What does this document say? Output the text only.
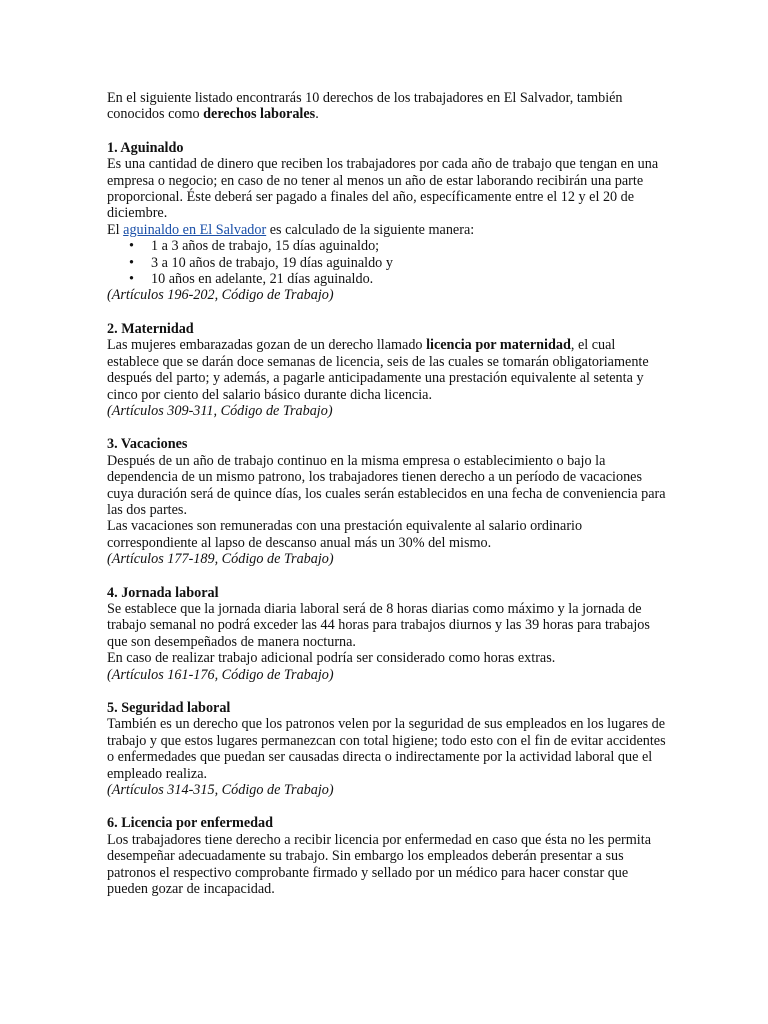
En el siguiente listado encontrarás 10 derechos de los trabajadores en El Salvador, también conocidos como derechos laborales.

1. Aguinaldo

Es una cantidad de dinero que reciben los trabajadores por cada año de trabajo que tengan en una empresa o negocio; en caso de no tener al menos un año de estar laborando recibirán una parte proporcional. Éste deberá ser pagado a finales del año, específicamente entre el 12 y el 20 de diciembre.

El aguinaldo en El Salvador es calculado de la siguiente manera:

• 1 a 3 años de trabajo, 15 días aguinaldo;
• 3 a 10 años de trabajo, 19 días aguinaldo y
• 10 años en adelante, 21 días aguinaldo.

(Artículos 196-202, Código de Trabajo)

2. Maternidad

Las mujeres embarazadas gozan de un derecho llamado licencia por maternidad, el cual establece que se darán doce semanas de licencia, seis de las cuales se tomarán obligatoriamente después del parto; y además, a pagarle anticipadamente una prestación equivalente al setenta y cinco por ciento del salario básico durante dicha licencia.

(Artículos 309-311, Código de Trabajo)

3. Vacaciones

Después de un año de trabajo continuo en la misma empresa o establecimiento o bajo la dependencia de un mismo patrono, los trabajadores tienen derecho a un período de vacaciones cuya duración será de quince días, los cuales serán establecidos en una fecha de conveniencia para las dos partes.

Las vacaciones son remuneradas con una prestación equivalente al salario ordinario correspondiente al lapso de descanso anual más un 30% del mismo.

(Artículos 177-189, Código de Trabajo)

4. Jornada laboral

Se establece que la jornada diaria laboral será de 8 horas diarias como máximo y la jornada de trabajo semanal no podrá exceder las 44 horas para trabajos diurnos y las 39 horas para trabajos que son desempeñados de manera nocturna.

En caso de realizar trabajo adicional podría ser considerado como horas extras.

(Artículos 161-176, Código de Trabajo)

5. Seguridad laboral

También es un derecho que los patronos velen por la seguridad de sus empleados en los lugares de trabajo y que estos lugares permanezcan con total higiene; todo esto con el fin de evitar accidentes o enfermedades que puedan ser causadas directa o indirectamente por la actividad laboral que el empleado realiza.

(Artículos 314-315, Código de Trabajo)

6. Licencia por enfermedad

Los trabajadores tiene derecho a recibir licencia por enfermedad en caso que ésta no les permita desempeñar adecuadamente su trabajo. Sin embargo los empleados deberán presentar a sus patronos el respectivo comprobante firmado y sellado por un médico para hacer constar que pueden gozar de incapacidad.
